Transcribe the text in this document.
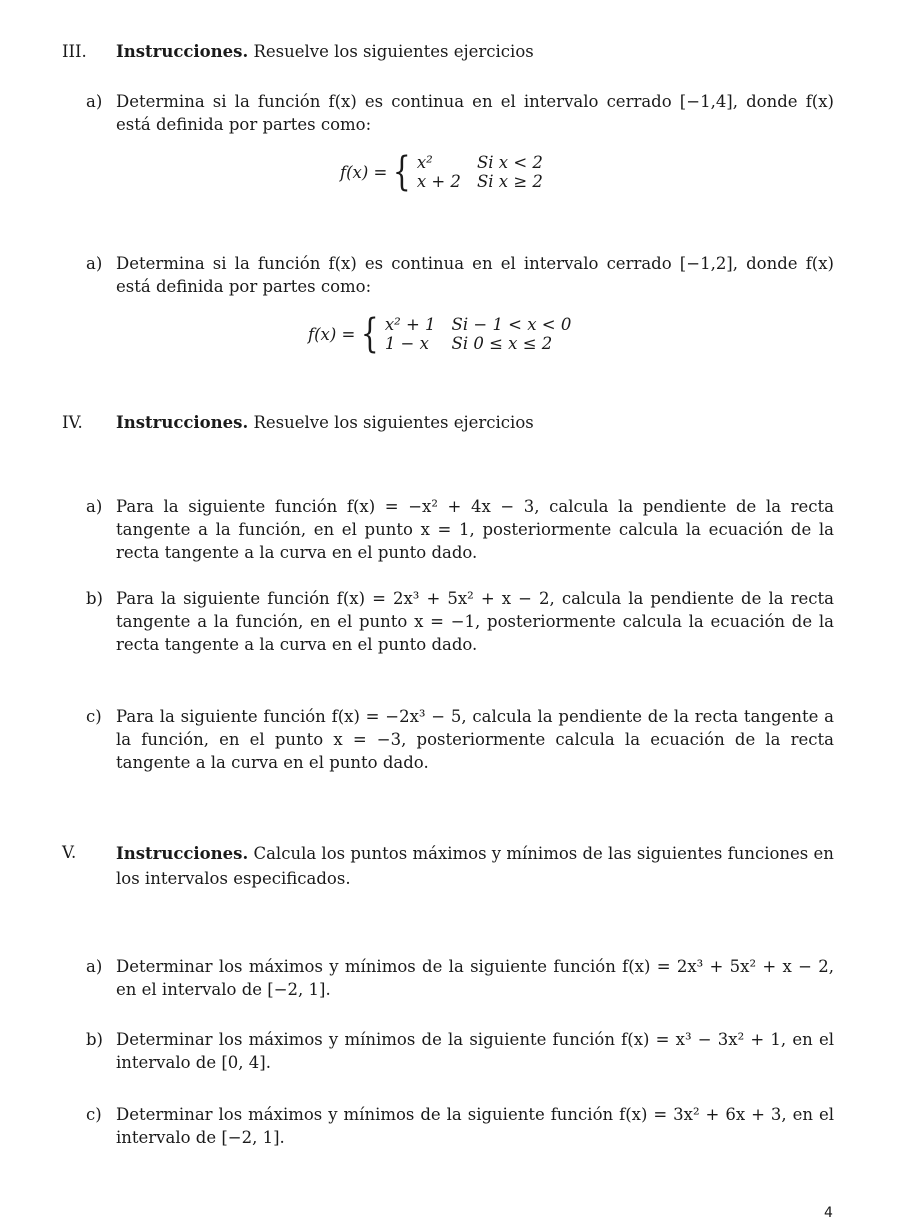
III. Instrucciones. Resuelve los siguientes ejercicios
a) Determina si la función f(x) es continua en el intervalo cerrado [−1,4], donde f(x) está definida por partes como:
f(x) = { x²	Si x < 2
x + 2 Si x ≥ 2
a) Determina si la función f(x) es continua en el intervalo cerrado [−1,2], donde f(x) está definida por partes como:
f(x) = { x² + 1 Si − 1 < x < 0
1 − x	Si 0 ≤ x ≤ 2
IV. Instrucciones. Resuelve los siguientes ejercicios
a) Para la siguiente función f(x) = −x² + 4x − 3, calcula la pendiente de la recta tangente a la función, en el punto x = 1, posteriormente calcula la ecuación de la recta tangente a la curva en el punto dado.
b) Para la siguiente función f(x) = 2x³ + 5x² + x − 2, calcula la pendiente de la recta tangente a la función, en el punto x = −1, posteriormente calcula la ecuación de la recta tangente a la curva en el punto dado.
c) Para la siguiente función f(x) = −2x³ − 5, calcula la pendiente de la recta tangente a la función, en el punto x = −3, posteriormente calcula la ecuación de la recta tangente a la curva en el punto dado.
V. Instrucciones. Calcula los puntos máximos y mínimos de las siguientes funciones en los intervalos especificados.
a) Determinar los máximos y mínimos de la siguiente función f(x) = 2x³ + 5x² + x − 2, en el intervalo de [−2, 1].
b) Determinar los máximos y mínimos de la siguiente función f(x) = x³ − 3x² + 1, en el intervalo de [0, 4].
c) Determinar los máximos y mínimos de la siguiente función f(x) = 3x² + 6x + 3, en el intervalo de [−2, 1].
4
